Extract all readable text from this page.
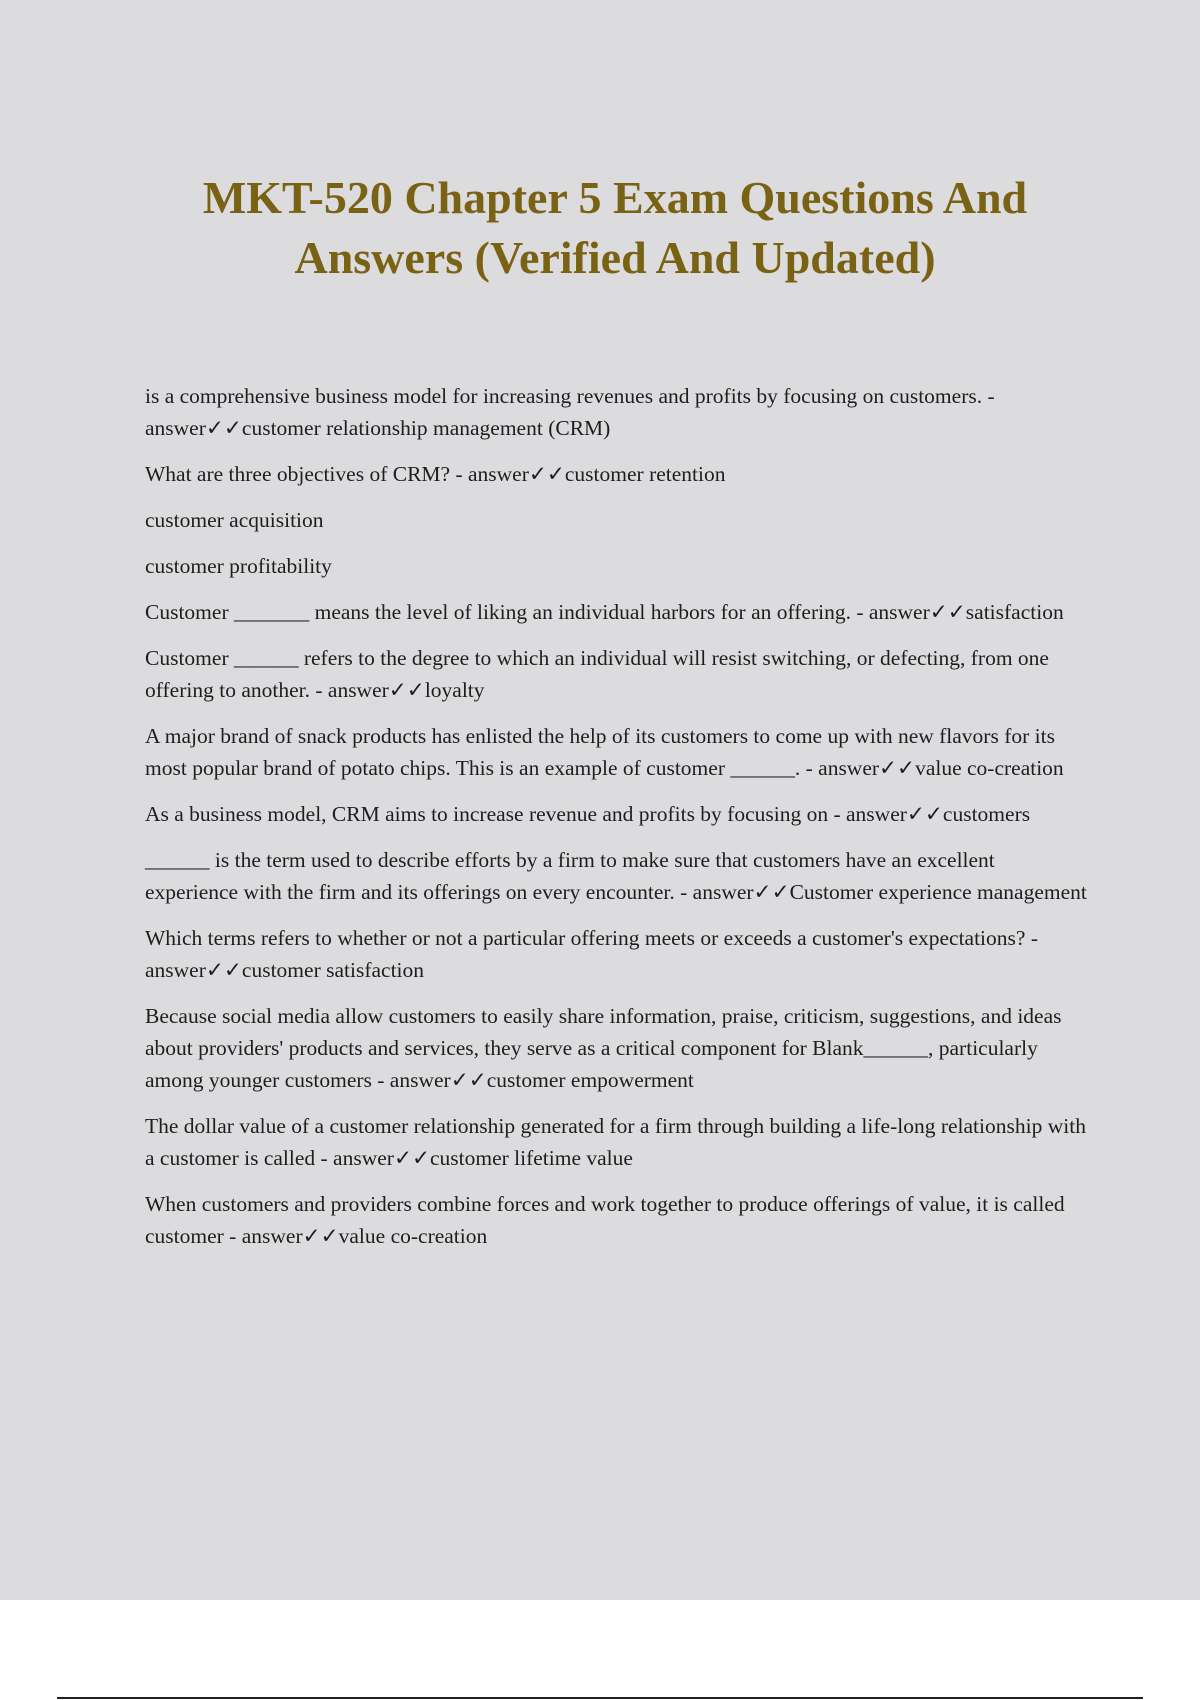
MKT-520 Chapter 5 Exam Questions And
Answers (Verified And Updated)

is a comprehensive business model for increasing revenues and profits by focusing on customers. - answer✓✓customer relationship management (CRM)

What are three objectives of CRM? - answer✓✓customer retention

customer acquisition

customer profitability

Customer _______ means the level of liking an individual harbors for an offering. - answer✓✓satisfaction

Customer ______ refers to the degree to which an individual will resist switching, or defecting, from one offering to another. - answer✓✓loyalty

A major brand of snack products has enlisted the help of its customers to come up with new flavors for its most popular brand of potato chips. This is an example of customer ______. - answer✓✓value co-creation

As a business model, CRM aims to increase revenue and profits by focusing on - answer✓✓customers

______ is the term used to describe efforts by a firm to make sure that customers have an excellent experience with the firm and its offerings on every encounter. - answer✓✓Customer experience management

Which terms refers to whether or not a particular offering meets or exceeds a customer's expectations? - answer✓✓customer satisfaction

Because social media allow customers to easily share information, praise, criticism, suggestions, and ideas about providers' products and services, they serve as a critical component for Blank______, particularly among younger customers - answer✓✓customer empowerment

The dollar value of a customer relationship generated for a firm through building a life-long relationship with a customer is called - answer✓✓customer lifetime value

When customers and providers combine forces and work together to produce offerings of value, it is called customer - answer✓✓value co-creation
